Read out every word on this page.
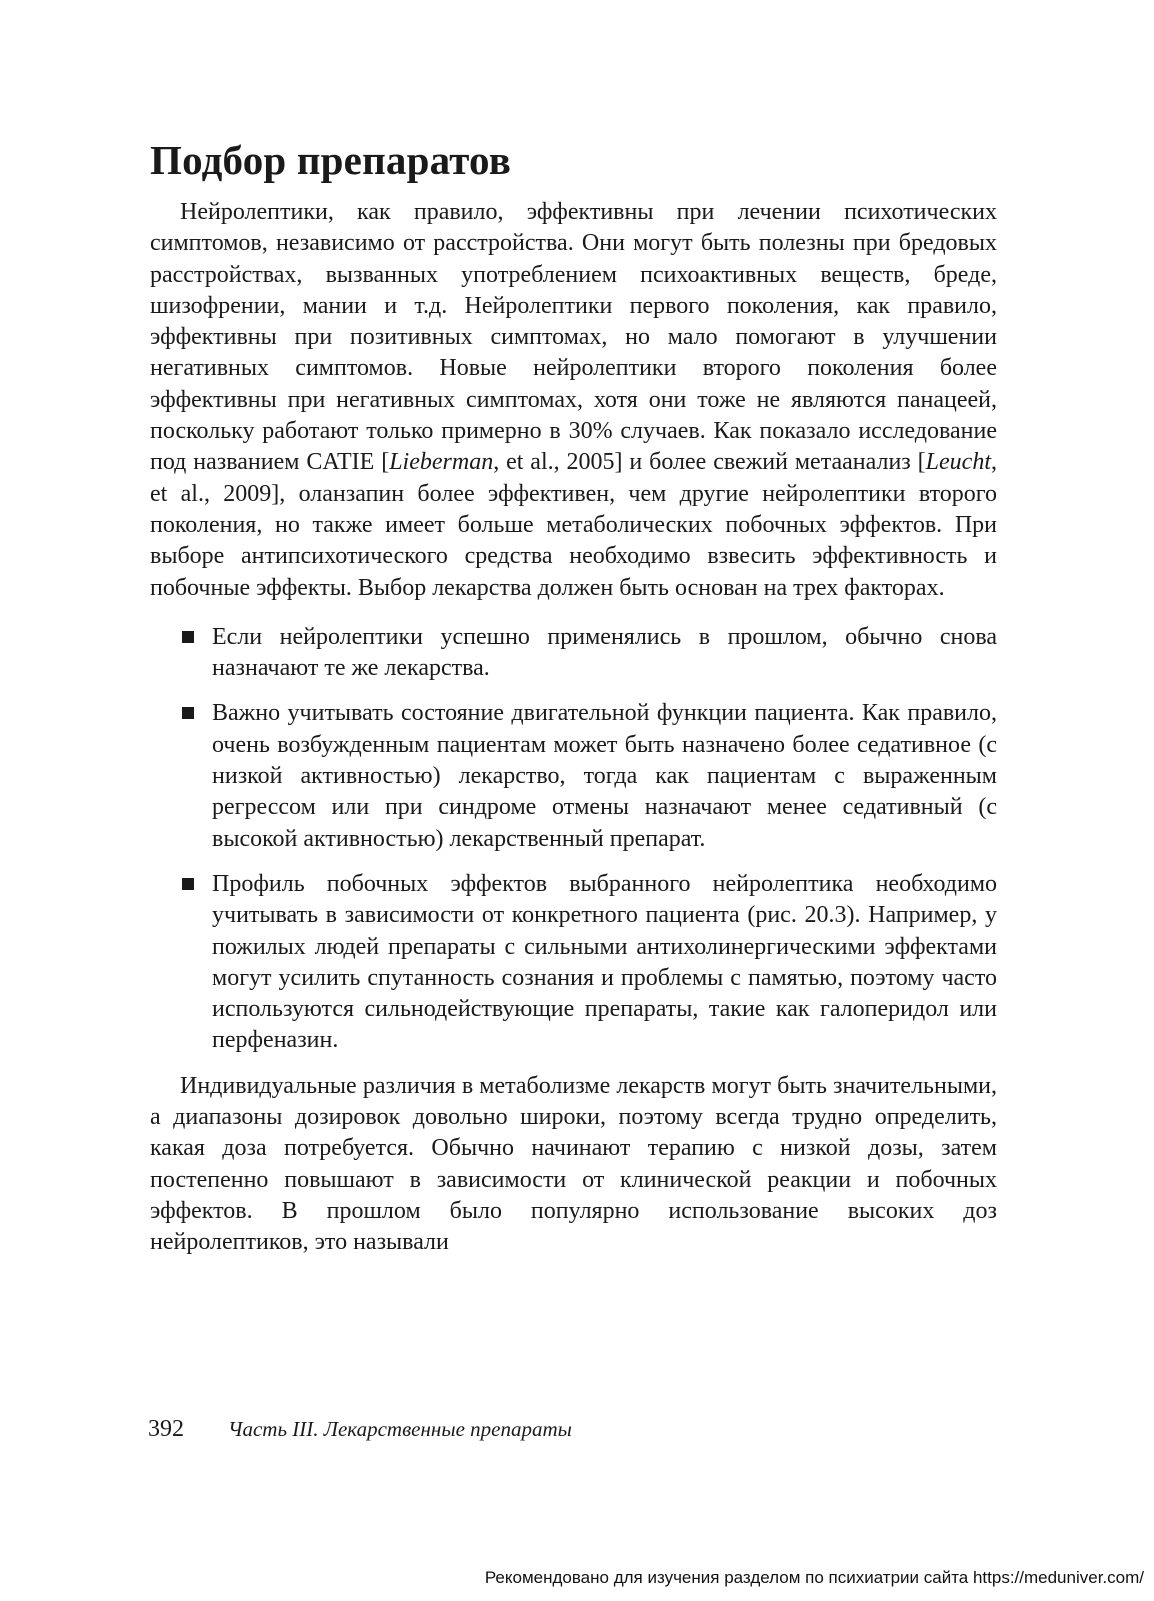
Подбор препаратов

Нейролептики, как правило, эффективны при лечении психотических симптомов, независимо от расстройства. Они могут быть полезны при бредовых расстройствах, вызванных употреблением психоактивных веществ, бреде, шизофрении, мании и т.д. Нейролептики первого поколения, как правило, эффективны при позитивных симптомах, но мало помогают в улучшении негативных симптомов. Новые нейролептики второго поколения более эффективны при негативных симптомах, хотя они тоже не являются панацеей, поскольку работают только примерно в 30% случаев. Как показало исследование под названием CATIE [Lieberman, et al., 2005] и более свежий метаанализ [Leucht, et al., 2009], оланзапин более эффективен, чем другие нейролептики второго поколения, но также имеет больше метаболических побочных эффектов. При выборе антипсихотического средства необходимо взвесить эффективность и побочные эффекты. Выбор лекарства должен быть основан на трех факторах.

Если нейролептики успешно применялись в прошлом, обычно снова назначают те же лекарства.
Важно учитывать состояние двигательной функции пациента. Как правило, очень возбужденным пациентам может быть назначено более седативное (с низкой активностью) лекарство, тогда как пациентам с выраженным регрессом или при синдроме отмены назначают менее седативный (с высокой активностью) лекарственный препарат.
Профиль побочных эффектов выбранного нейролептика необходимо учитывать в зависимости от конкретного пациента (рис. 20.3). Например, у пожилых людей препараты с сильными антихолинергическими эффектами могут усилить спутанность сознания и проблемы с памятью, поэтому часто используются сильнодействующие препараты, такие как галоперидол или перфеназин.

Индивидуальные различия в метаболизме лекарств могут быть значительными, а диапазоны дозировок довольно широки, поэтому всегда трудно определить, какая доза потребуется. Обычно начинают терапию с низкой дозы, затем постепенно повышают в зависимости от клинической реакции и побочных эффектов. В прошлом было популярно использование высоких доз нейролептиков, это называли

392 Часть III. Лекарственные препараты
Рекомендовано для изучения разделом по психиатрии сайта https://meduniver.com/
